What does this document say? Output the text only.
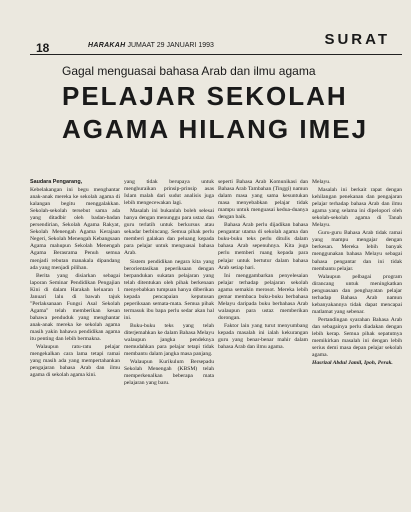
18	HARAKAH JUMAAT 29 JANUARI 1993	SURAT
Gagal menguasai bahasa Arab dan ilmu agama
PELAJAR SEKOLAH
AGAMA HILANG IMEJ

Saudara Pengarang,

Kebelakangan ini begu menghantar anak-anak mereka ke sekolah agama di kalangan begitu menggalakkan. Sekolah-sekolah tersebut sama ada yang ditadbir oleh badan-badan persendirian, Sekolah Agama Rakyat, Sekolah Menengah Agama Kerajaan Negeri, Sekolah Menengah Kebangsaan Agama mahupun Sekolah Menengah Agama Berasrama Penuh semua menjadi rebutan manakala dipandang ada yang menjadi pilihan.

Berita yang disiarkan sebagai laporan Seminar Pendidikan Pengajian Kini di dalam Harakah keluaran 1 Januari lalu di bawah tajuk "Perlaksanaan Fungsi Asal Sekolah Agama" telah memberikan kesan bahawa penduduk yang menghantar anak-anak mereka ke sekolah agama masih yakin bahawa pendidikan agama itu penting dan lebih bermakna.

Walaupun ratu-ratu pelajar mengekalkan cara lama tetapi ramai yang masih ada yang mempertahankan pengajaran bahasa Arab dan ilmu agama di sekolah agama kini.

yang tidak berupaya untuk menghuraikan prinsip-prinsip asas Islam malah dari sudut analisis juga lebih mengecewakan lagi.

Masalah ini bukanlah boleh selesai hanya dengan menunggu para ustaz dan guru terlatih untuk berkursus atau sekadar berbincang. Semua pihak perlu memberi galakan dan peluang kepada para pelajar untuk menguasai bahasa Arab.

Sistem pendidikan negara kita yang berorientasikan peperiksaan dengan berpandukan sukatan pelajaran yang telah ditentukan oleh pihak berkenaan menyebabkan tumpuan hanya diberikan kepada pencapaian keputusan peperiksaan semata-mata. Semua pihak termasuk ibu bapa perlu sedar akan hal ini.

Buku-buku teks yang telah diterjemahkan ke dalam Bahasa Melayu walaupun jangka pendeknya memudahkan para pelajar tetapi tidak membantu dalam jangka masa panjang.

Walaupun Kurikulum Bersepadu Sekolah Menengah (KBSM) telah memperkenalkan beberapa mata pelajaran yang baru.

seperti Bahasa Arab Komunikasi dan Bahasa Arab Tambahan (Tinggi) namun dalam masa yang sama kesuntukan masa menyebabkan pelajar tidak mampu untuk menguasai kedua-duanya dengan baik.

Bahasa Arab perlu dijadikan bahasa pengantar utama di sekolah agama dan buku-buku teks perlu ditulis dalam bahasa Arab sepenuhnya. Kita juga perlu memberi ruang kepada para pelajar untuk bertutur dalam bahasa Arab setiap hari.

Ini menggambarkan penyelesaian pelajar terhadap pelajaran sekolah agama semakin merosot. Mereka lebih gemar membaca buku-buku berbahasa Melayu daripada buku berbahasa Arab walaupun para ustaz memberikan dorongan.

Faktor lain yang turut menyumbang kepada masalah ini ialah kekurangan guru yang benar-benar mahir dalam bahasa Arab dan ilmu agama.

Melayu.

Masalah ini berkait rapat dengan kehilangan penekanan dan pengajaran pelajar terhadap bahasa Arab dan ilmu agama yang selama ini dipelopori oleh sekolah-sekolah agama di Tanah Melayu.

Guru-guru Bahasa Arab tidak ramai yang mampu mengajar dengan berkesan. Mereka lebih banyak menggunakan bahasa Melayu sebagai bahasa pengantar dan ini tidak membantu pelajar.

Walaupun pelbagai program dirancang untuk meningkatkan penguasaan dan penghayatan pelajar terhadap Bahasa Arab namun kebanyakannya tidak dapat mencapai matlamat yang sebenar.

Pertandingan syarahan Bahasa Arab dan sebagainya perlu diadakan dengan lebih kerap. Semua pihak sepatutnya memikirkan masalah ini dengan lebih serius demi masa depan pelajar sekolah agama.

Hasrizal Abdul Jamil, Ipoh, Perak.
